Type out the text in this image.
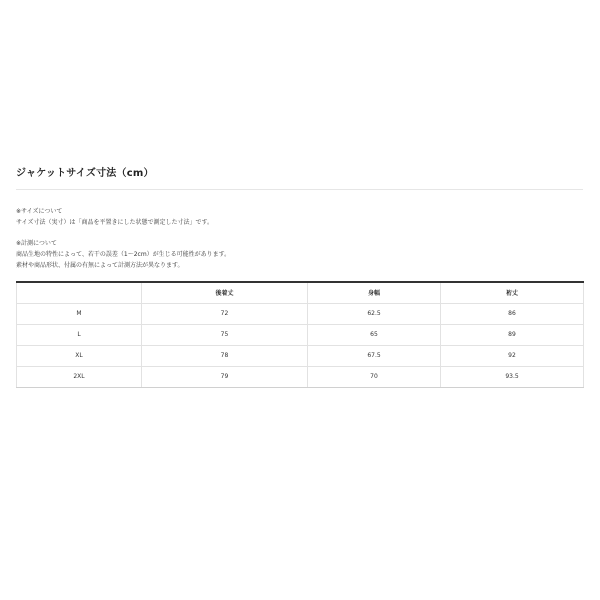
ジャケットサイズ寸法（cm）
※サイズについて
サイズ寸法（実寸）は「商品を平置きにした状態で測定した寸法」です。
※計測について
商品生地の特性によって、若干の誤差（1～2cm）が生じる可能性があります。
素材や商品形状、付属の有無によって計測方法が異なります。
	後着丈	身幅	裄丈
M	72	62.5	86
L	75	65	89
XL	78	67.5	92
2XL	79	70	93.5
